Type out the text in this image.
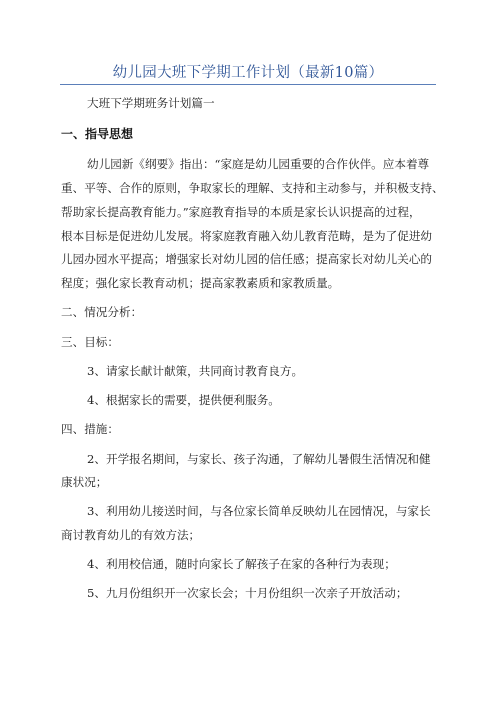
幼儿园大班下学期工作计划（最新10篇）
大班下学期班务计划篇一
一、指导思想
幼儿园新《纲要》指出：“家庭是幼儿园重要的合作伙伴。应本着尊
重、平等、合作的原则，争取家长的理解、支持和主动参与，并积极支持、
帮助家长提高教育能力。”家庭教育指导的本质是家长认识提高的过程，
根本目标是促进幼儿发展。将家庭教育融入幼儿教育范畴，是为了促进幼
儿园办园水平提高；增强家长对幼儿园的信任感；提高家长对幼儿关心的
程度；强化家长教育动机；提高家教素质和家教质量。
二、情况分析：
三、目标：
3、请家长献计献策，共同商讨教育良方。
4、根据家长的需要，提供便利服务。
四、措施：
2、开学报名期间，与家长、孩子沟通，了解幼儿暑假生活情况和健
康状况；
3、利用幼儿接送时间，与各位家长简单反映幼儿在园情况，与家长
商讨教育幼儿的有效方法；
4、利用校信通，随时向家长了解孩子在家的各种行为表现；
5、九月份组织开一次家长会；十月份组织一次亲子开放活动；
